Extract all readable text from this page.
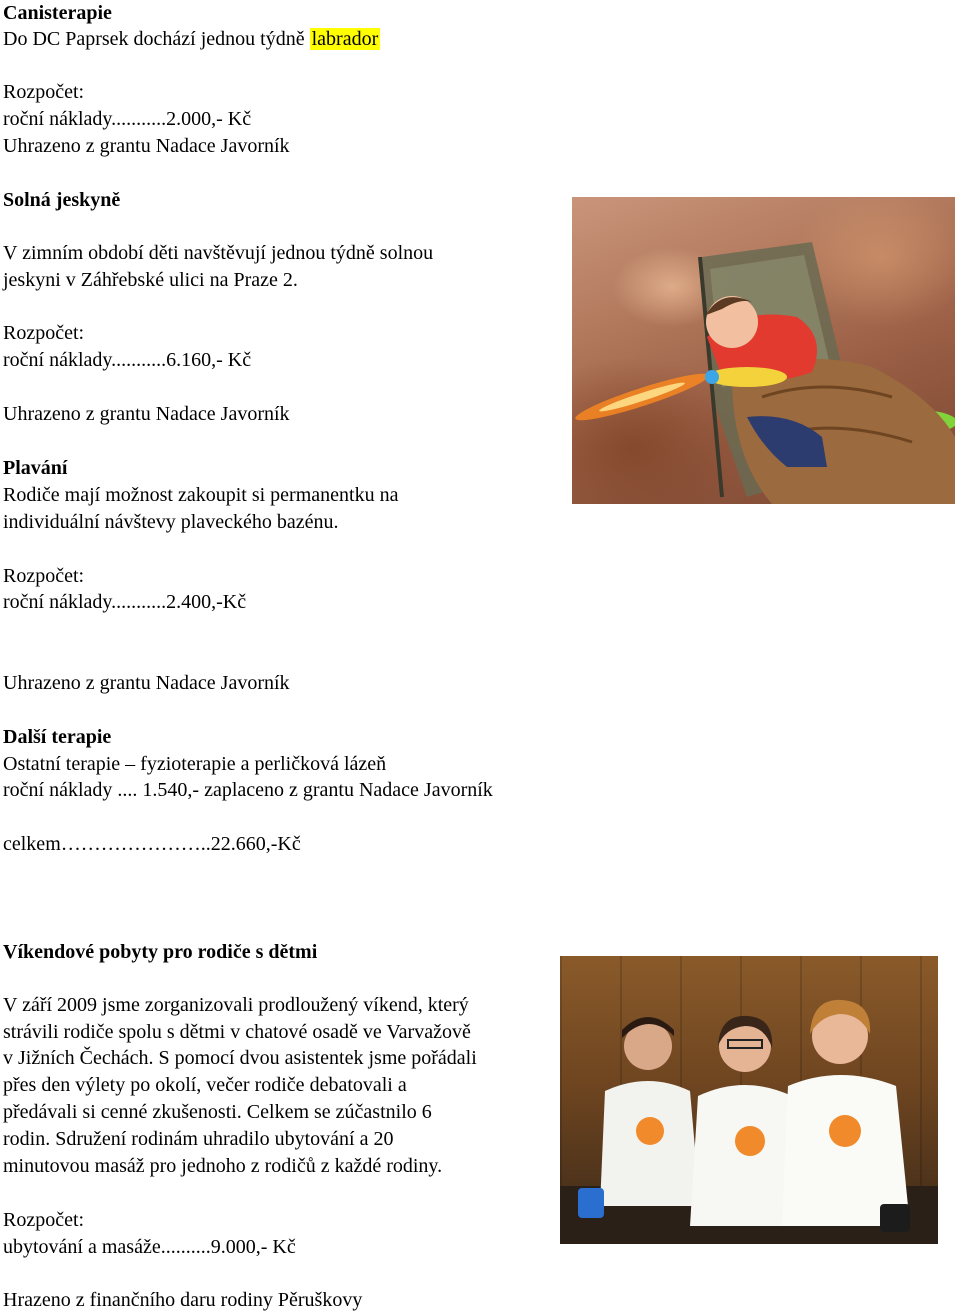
Canisterapie
Do DC Paprsek dochází jednou týdně labrador
Rozpočet:
roční náklady...........2.000,- Kč
Uhrazeno z grantu Nadace Javorník
Solná jeskyně
V zimním období děti navštěvují jednou týdně solnou
jeskyni v Záhřebské ulici na Praze 2.
Rozpočet:
roční náklady...........6.160,- Kč
Uhrazeno z grantu Nadace Javorník
Plavání
Rodiče mají možnost zakoupit si permanentku na
individuální návštevy plaveckého bazénu.
Rozpočet:
roční náklady...........2.400,-Kč
Uhrazeno z grantu Nadace Javorník
Další terapie
Ostatní terapie – fyzioterapie a perličková lázeň
roční náklady .... 1.540,- zaplaceno z grantu Nadace Javorník
celkem…………………..22.660,-Kč
Víkendové pobyty pro rodiče s dětmi
V září 2009 jsme zorganizovali prodloužený víkend, který
strávili rodiče spolu s dětmi v chatové osadě ve Varvažově
v Jižních Čechách. S pomocí dvou asistentek jsme pořádali
přes den výlety po okolí, večer rodiče debatovali a
předávali si cenné zkušenosti. Celkem se zúčastnilo 6
rodin. Sdružení rodinám uhradilo ubytování a 20
minutovou masáž pro jednoho z rodičů z každé rodiny.
Rozpočet:
ubytování a masáže..........9.000,- Kč
Hrazeno z finančního daru rodiny Pěruškovy
